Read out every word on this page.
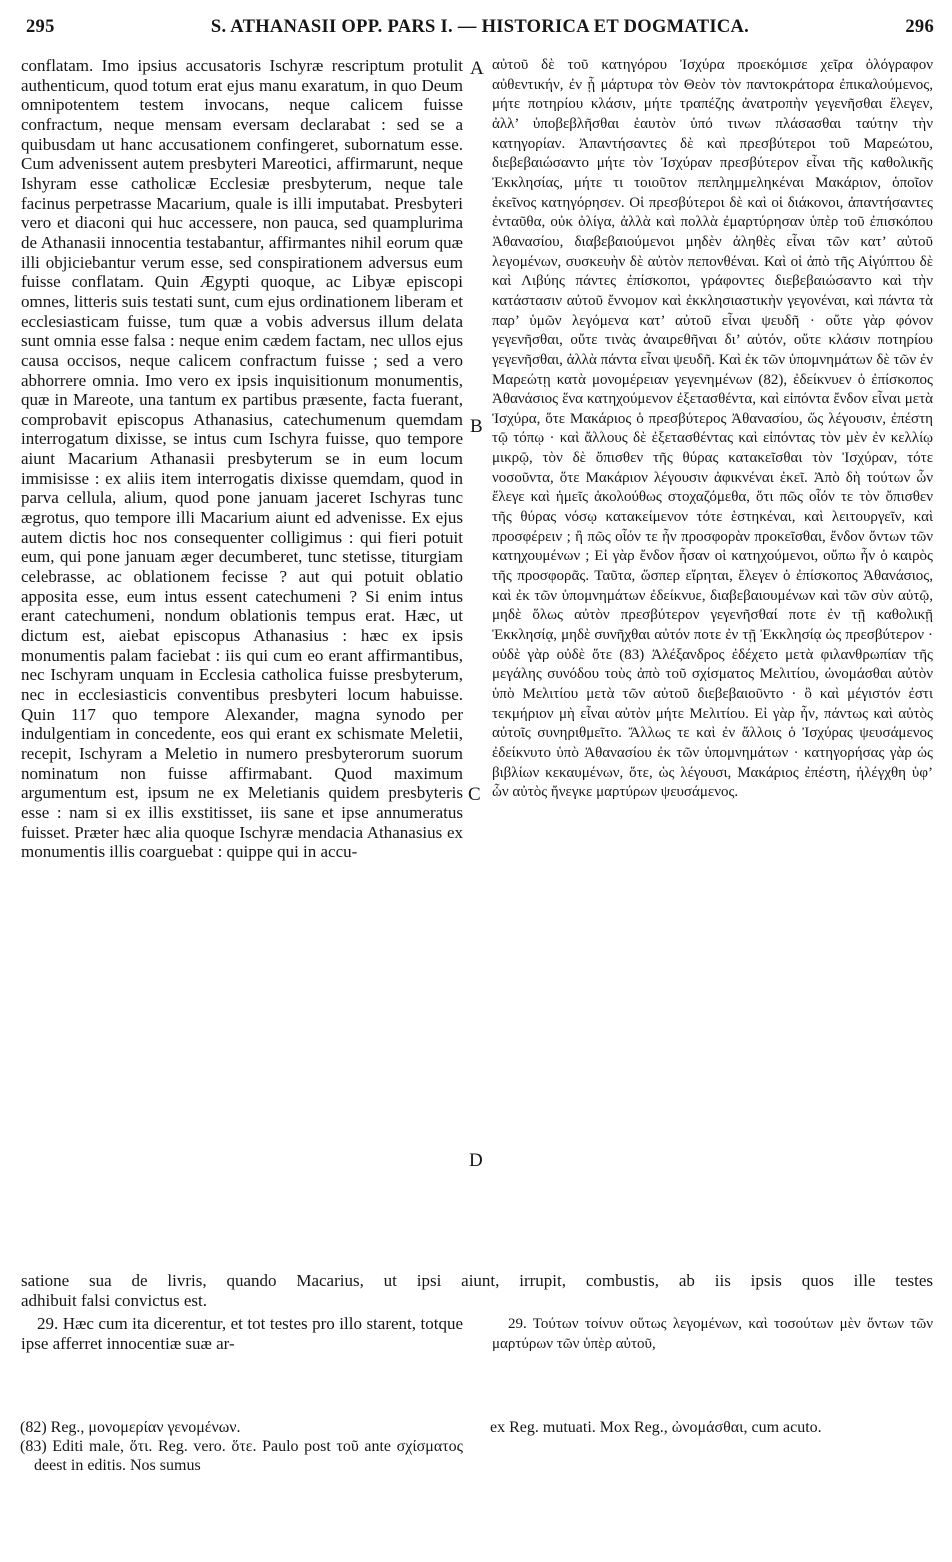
295	S. ATHANASII OPP. PARS I. — HISTORICA ET DOGMATICA.	296

conflatam. Imo ipsius accusatoris Ischyræ rescriptum protulit authenticum, quod totum erat ejus manu exaratum, in quo Deum omnipotentem testem invocans, neque calicem fuisse confractum, neque mensam eversam declarabat : sed se a quibusdam ut hanc accusationem confingeret, subornatum esse. Cum advenissent autem presbyteri Mareotici, affirmarunt, neque Ishyram esse catholicæ Ecclesiæ presbyterum, neque tale facinus perpetrasse Macarium, quale is illi imputabat. Presbyteri vero et diaconi qui huc accessere, non pauca, sed quamplurima de Athanasii innocentia testabantur, affirmantes nihil eorum quæ illi objiciebantur verum esse, sed conspirationem adversus eum fuisse conflatam. Quin Ægypti quoque, ac Libyæ episcopi omnes, litteris suis testati sunt, cum ejus ordinationem liberam et ecclesiasticam fuisse, tum quæ a vobis adversus illum delata sunt omnia esse falsa : neque enim cædem factam, nec ullos ejus causa occisos, neque calicem confractum fuisse ; sed a vero abhorrere omnia. Imo vero ex ipsis inquisitionum monumentis, quæ in Mareote, una tantum ex partibus præsente, facta fuerant, comprobavit episcopus Athanasius, catechumenum quemdam interrogatum dixisse, se intus cum Ischyra fuisse, quo tempore aiunt Macarium Athanasii presbyterum se in eum locum immisisse : ex aliis item interrogatis dixisse quemdam, quod in parva cellula, alium, quod pone januam jaceret Ischyras tunc ægrotus, quo tempore illi Macarium aiunt ed advenisse. Ex ejus autem dictis hoc nos consequenter colligimus : qui fieri potuit eum, qui pone januam æger decumberet, tunc stetisse, titurgiam celebrasse, ac oblationem fecisse ? aut qui potuit oblatio apposita esse, eum intus essent catechumeni ? Si enim intus erant catechumeni, nondum oblationis tempus erat. Hæc, ut dictum est, aiebat episcopus Athanasius : hæc ex ipsis monumentis palam faciebat : iis qui cum eo erant affirmantibus, nec Ischyram unquam in Ecclesia catholica fuisse presbyterum, nec in ecclesiasticis conventibus presbyteri locum habuisse. Quin 117 quo tempore Alexander, magna synodo per indulgentiam in concedente, eos qui erant ex schismate Meletii, recepit, Ischyram a Meletio in numero presbyterorum suorum nominatum non fuisse affirmabant. Quod maximum argumentum est, ipsum ne ex Meletianis quidem presbyteris esse : nam si ex illis exstitisset, iis sane et ipse annumeratus fuisset. Præter hæc alia quoque Ischyræ mendacia Athanasius ex monumentis illis coarguebat : quippe qui in accu-

A
B
C
D

αὐτοῦ δὲ τοῦ κατηγόρου Ἰσχύρα προεκόμισε χεῖρα ὁλόγραφον αὐθεντικήν, ἐν ᾗ μάρτυρα τὸν Θεὸν τὸν παντοκράτορα ἐπικαλούμενος, μήτε ποτηρίου κλάσιν, μήτε τραπέζης ἀνατροπὴν γεγενῆσθαι ἔλεγεν, ἀλλ’ ὑποβεβλῆσθαι ἑαυτὸν ὑπό τινων πλάσασθαι ταύτην τὴν κατηγορίαν. Ἀπαντήσαντες δὲ καὶ πρεσβύτεροι τοῦ Μαρεώτου, διεβεβαιώσαντο μήτε τὸν Ἰσχύραν πρεσβύτερον εἶναι τῆς καθολικῆς Ἐκκλησίας, μήτε τι τοιοῦτον πεπλημμεληκέναι Μακάριον, ὁποῖον ἐκεῖνος κατηγόρησεν. Οἱ πρεσβύτεροι δὲ καὶ οἱ διάκονοι, ἀπαντήσαντες ἐνταῦθα, οὐκ ὀλίγα, ἀλλὰ καὶ πολλὰ ἐμαρτύρησαν ὑπὲρ τοῦ ἐπισκόπου Ἀθανασίου, διαβεβαιούμενοι μηδὲν ἀληθὲς εἶναι τῶν κατ’ αὐτοῦ λεγομένων, συσκευὴν δὲ αὐτὸν πεπονθέναι. Καὶ οἱ ἀπὸ τῆς Αἰγύπτου δὲ καὶ Λιβύης πάντες ἐπίσκοποι, γράφοντες διεβεβαιώσαντο καὶ τὴν κατάστασιν αὐτοῦ ἔννομον καὶ ἐκκλησιαστικὴν γεγονέναι, καὶ πάντα τὰ παρ’ ὑμῶν λεγόμενα κατ’ αὐτοῦ εἶναι ψευδῆ · οὔτε γὰρ φόνον γεγενῆσθαι, οὔτε τινὰς ἀναιρεθῆναι δι’ αὐτόν, οὔτε κλάσιν ποτηρίου γεγενῆσθαι, ἀλλὰ πάντα εἶναι ψευδῆ. Καὶ ἐκ τῶν ὑπομνημάτων δὲ τῶν ἐν Μαρεώτῃ κατὰ μονομέρειαν γεγενημένων (82), ἐδείκνυεν ὁ ἐπίσκοπος Ἀθανάσιος ἕνα κατηχούμενον ἐξετασθέντα, καὶ εἰπόντα ἔνδον εἶναι μετὰ Ἰσχύρα, ὅτε Μακάριος ὁ πρεσβύτερος Ἀθανασίου, ὥς λέγουσιν, ἐπέστη τῷ τόπῳ · καὶ ἄλλους δὲ ἐξετασθέντας καὶ εἰπόντας τὸν μὲν ἐν κελλίῳ μικρῷ, τὸν δὲ ὄπισθεν τῆς θύρας κατακεῖσθαι τὸν Ἰσχύραν, τότε νοσοῦντα, ὅτε Μακάριον λέγουσιν ἀφικνέναι ἐκεῖ. Ἀπὸ δὴ τούτων ὧν ἔλεγε καὶ ἡμεῖς ἀκολούθως στοχαζόμεθα, ὅτι πῶς οἷόν τε τὸν ὄπισθεν τῆς θύρας νόσῳ κατακείμενον τότε ἑστηκέναι, καὶ λειτουργεῖν, καὶ προσφέρειν ; ἢ πῶς οἷόν τε ἦν προσφορὰν προκεῖσθαι, ἔνδον ὄντων τῶν κατηχουμένων ; Εἰ γὰρ ἔνδον ἦσαν οἱ κατηχούμενοι, οὔπω ἦν ὁ καιρὸς τῆς προσφορᾶς. Ταῦτα, ὥσπερ εἴρηται, ἔλεγεν ὁ ἐπίσκοπος Ἀθανάσιος, καὶ ἐκ τῶν ὑπομνημάτων ἐδείκνυε, διαβεβαιουμένων καὶ τῶν σὺν αὐτῷ, μηδὲ ὅλως αὐτὸν πρεσβύτερον γεγενῆσθαί ποτε ἐν τῇ καθολικῇ Ἐκκλησίᾳ, μηδὲ συνῆχθαι αὐτόν ποτε ἐν τῇ Ἐκκλησίᾳ ὡς πρεσβύτερον · οὐδὲ γὰρ οὐδὲ ὅτε (83) Ἀλέξανδρος ἐδέχετο μετὰ φιλανθρωπίαν τῆς μεγάλης συνόδου τοὺς ἀπὸ τοῦ σχίσματος Μελιτίου, ὠνομάσθαι αὐτὸν ὑπὸ Μελιτίου μετὰ τῶν αὐτοῦ διεβεβαιοῦντο · ὃ καὶ μέγιστόν ἐστι τεκμήριον μὴ εἶναι αὐτὸν μήτε Μελιτίου. Εἰ γὰρ ἦν, πάντως καὶ αὐτὸς αὐτοῖς συνηριθμεῖτο. Ἄλλως τε καὶ ἐν ἄλλοις ὁ Ἰσχύρας ψευσάμενος ἐδείκνυτο ὑπὸ Ἀθανασίου ἐκ τῶν ὑπομνημάτων · κατηγορήσας γὰρ ὡς βιβλίων κεκαυμένων, ὅτε, ὡς λέγουσι, Μακάριος ἐπέστη, ἠλέγχθη ὑφ’ ὧν αὐτὸς ἤνεγκε μαρτύρων ψευσάμενος.

satione sua de livris, quando Macarius, ut ipsi aiunt, irrupit, combustis, ab iis ipsis quos ille testes

adhibuit falsi convictus est.

29. Hæc cum ita dicerentur, et tot testes pro illo starent, totque ipse afferret innocentiæ suæ ar-

29. Τούτων τοίνυν οὕτως λεγομένων, καὶ τοσούτων μὲν ὄντων τῶν μαρτύρων τῶν ὑπὲρ αὐτοῦ,

(82) Reg., μονομερίαν γενομένων.

(83) Editi male, ὅτι. Reg. vero. ὅτε. Paulo post τοῦ ante σχίσματος deest in editis. Nos sumus

ex Reg. mutuati. Mox Reg., ὠνομάσθαι, cum acuto.
